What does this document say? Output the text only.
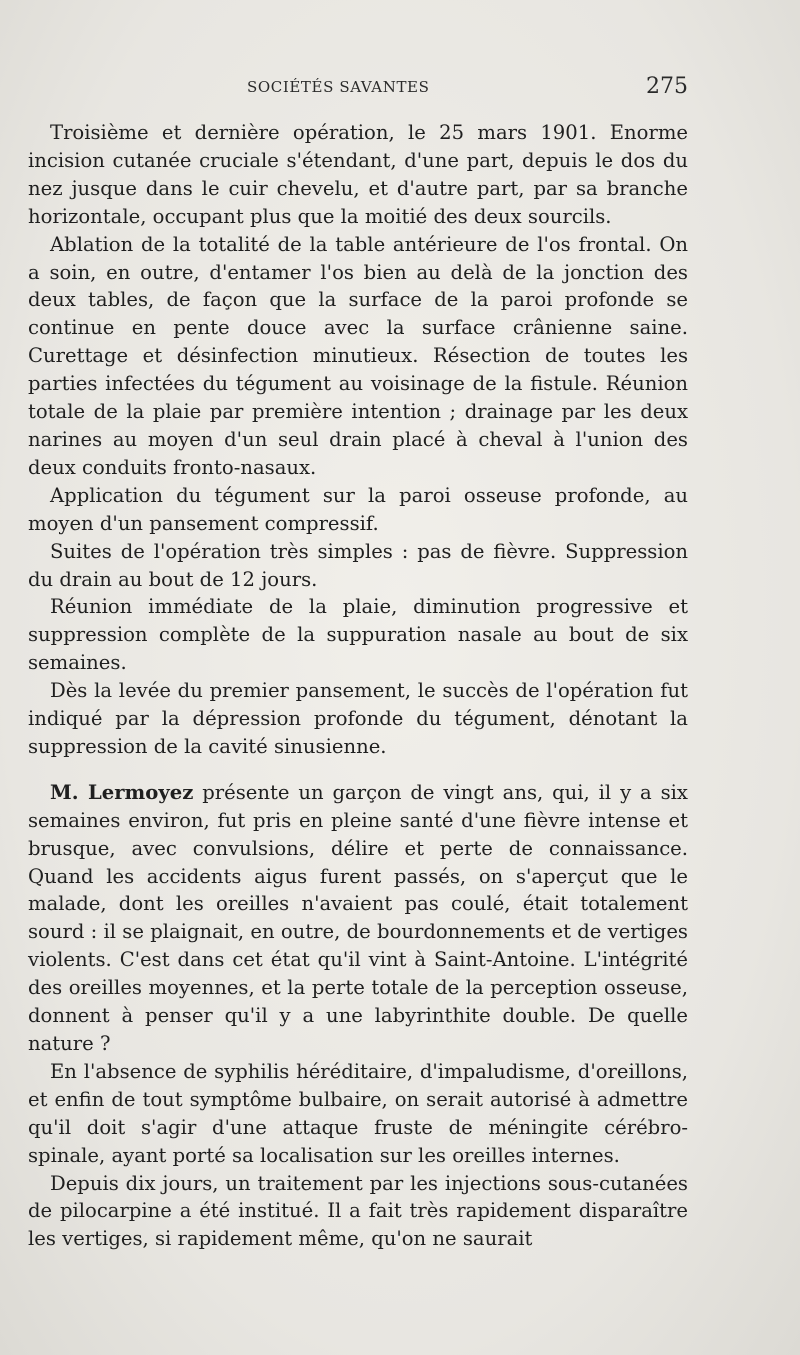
SOCIÉTÉS SAVANTES	275

Troisième et dernière opération, le 25 mars 1901. Enorme incision cutanée cruciale s'étendant, d'une part, depuis le dos du nez jusque dans le cuir chevelu, et d'autre part, par sa branche horizontale, occupant plus que la moitié des deux sourcils.

Ablation de la totalité de la table antérieure de l'os frontal. On a soin, en outre, d'entamer l'os bien au delà de la jonction des deux tables, de façon que la surface de la paroi profonde se continue en pente douce avec la surface crânienne saine. Curettage et désinfection minutieux. Résection de toutes les parties infectées du tégument au voisinage de la fistule. Réunion totale de la plaie par première intention ; drainage par les deux narines au moyen d'un seul drain placé à cheval à l'union des deux conduits fronto-nasaux.

Application du tégument sur la paroi osseuse profonde, au moyen d'un pansement compressif.

Suites de l'opération très simples : pas de fièvre. Suppression du drain au bout de 12 jours.

Réunion immédiate de la plaie, diminution progressive et suppression complète de la suppuration nasale au bout de six semaines.

Dès la levée du premier pansement, le succès de l'opération fut indiqué par la dépression profonde du tégument, dénotant la suppression de la cavité sinusienne.

M. Lermoyez présente un garçon de vingt ans, qui, il y a six semaines environ, fut pris en pleine santé d'une fièvre intense et brusque, avec convulsions, délire et perte de connaissance. Quand les accidents aigus furent passés, on s'aperçut que le malade, dont les oreilles n'avaient pas coulé, était totalement sourd : il se plaignait, en outre, de bourdonnements et de vertiges violents. C'est dans cet état qu'il vint à Saint-Antoine. L'intégrité des oreilles moyennes, et la perte totale de la perception osseuse, donnent à penser qu'il y a une labyrinthite double. De quelle nature ?

En l'absence de syphilis héréditaire, d'impaludisme, d'oreillons, et enfin de tout symptôme bulbaire, on serait autorisé à admettre qu'il doit s'agir d'une attaque fruste de méningite cérébro-spinale, ayant porté sa localisation sur les oreilles internes.

Depuis dix jours, un traitement par les injections sous-cutanées de pilocarpine a été institué. Il a fait très rapidement disparaître les vertiges, si rapidement même, qu'on ne saurait
